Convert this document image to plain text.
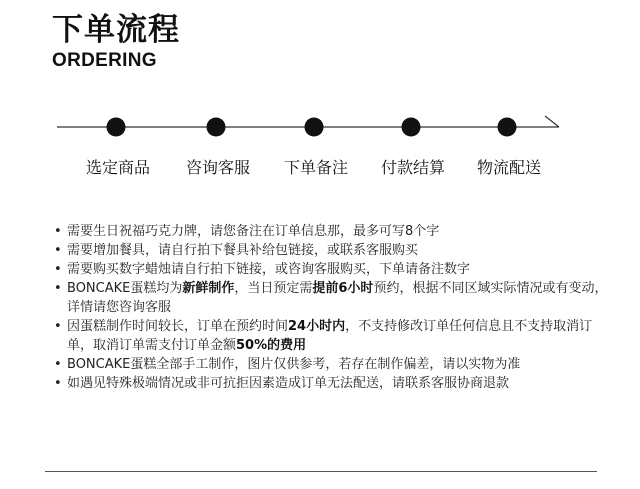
下单流程
ORDERING
选定商品	咨询客服	下单备注	付款结算	物流配送
• 需要生日祝福巧克力牌，请您备注在订单信息那，最多可写8个字
• 需要增加餐具，请自行拍下餐具补给包链接，或联系客服购买
• 需要购买数字蜡烛请自行拍下链接，或咨询客服购买，下单请备注数字
• BONCAKE蛋糕均为新鲜制作，当日预定需提前6小时预约，根据不同区域实际情况或有变动，详情请您咨询客服
• 因蛋糕制作时间较长，订单在预约时间24小时内，不支持修改订单任何信息且不支持取消订单，取消订单需支付订单金额50%的费用
• BONCAKE蛋糕全部手工制作，图片仅供参考，若存在制作偏差，请以实物为准
• 如遇见特殊极端情况或非可抗拒因素造成订单无法配送，请联系客服协商退款
